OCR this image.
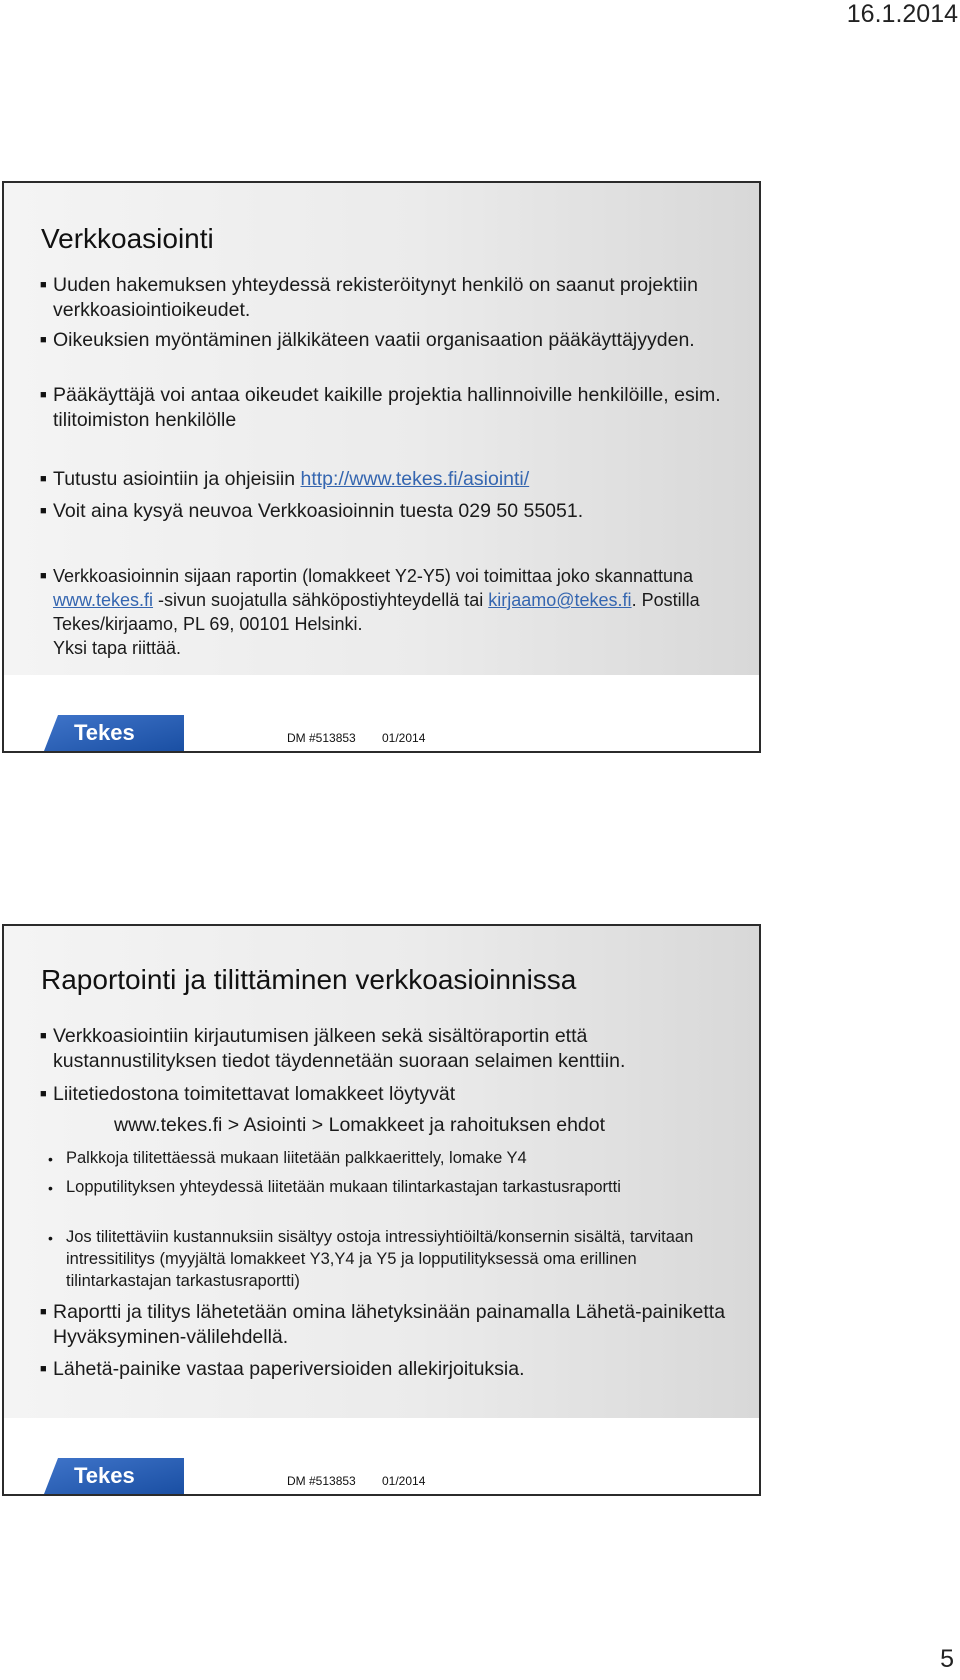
16.1.2014
Verkkoasiointi
■ Uuden hakemuksen yhteydessä rekisteröitynyt henkilö on saanut projektiin verkkoasiointioikeudet.
■ Oikeuksien myöntäminen jälkikäteen vaatii organisaation pääkäyttäjyyden.
■ Pääkäyttäjä voi antaa oikeudet kaikille projektia hallinnoiville henkilöille, esim. tilitoimiston henkilölle
■ Tutustu asiointiin ja ohjeisiin http://www.tekes.fi/asiointi/
■ Voit aina kysyä neuvoa Verkkoasioinnin tuesta 029 50 55051.
■ Verkkoasioinnin sijaan raportin (lomakkeet Y2-Y5) voi toimittaa joko skannattuna www.tekes.fi -sivun suojatulla sähköpostiyhteydellä tai kirjaamo@tekes.fi. Postilla Tekes/kirjaamo, PL 69, 00101 Helsinki.
Yksi tapa riittää.
Tekes	DM #513853 01/2014
Raportointi ja tilittäminen verkkoasioinnissa
■ Verkkoasiointiin kirjautumisen jälkeen sekä sisältöraportin että kustannustilityksen tiedot täydennetään suoraan selaimen kenttiin.
■ Liitetiedostona toimitettavat lomakkeet löytyvät
www.tekes.fi > Asiointi > Lomakkeet ja rahoituksen ehdot
• Palkkoja tilitettäessä mukaan liitetään palkkaerittely, lomake Y4
• Lopputilityksen yhteydessä liitetään mukaan tilintarkastajan tarkastusraportti
• Jos tilitettäviin kustannuksiin sisältyy ostoja intressiyhtiöiltä/konsernin sisältä, tarvitaan intressitilitys (myyjältä lomakkeet Y3,Y4 ja Y5 ja lopputilityksessä oma erillinen tilintarkastajan tarkastusraportti)
■ Raportti ja tilitys lähetetään omina lähetyksinään painamalla Lähetä-painiketta Hyväksyminen-välilehdellä.
■ Lähetä-painike vastaa paperiversioiden allekirjoituksia.
Tekes	DM #513853 01/2014
5
